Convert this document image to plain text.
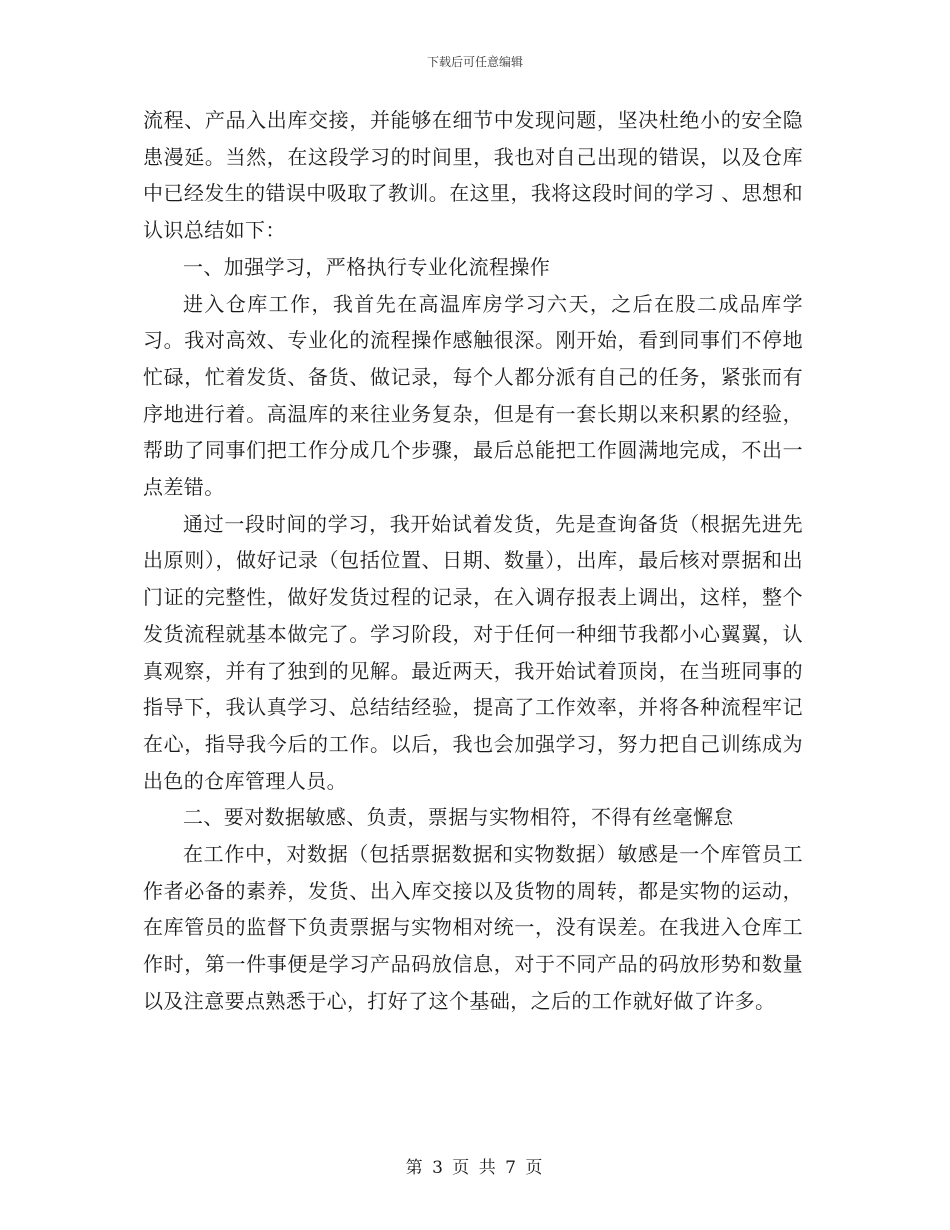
下载后可任意编辑

流程、产品入出库交接，并能够在细节中发现问题，坚决杜绝小的安全隐患漫延。当然，在这段学习的时间里，我也对自己出现的错误，以及仓库中已经发生的错误中吸取了教训。在这里，我将这段时间的学习 、思想和认识总结如下：

一、加强学习，严格执行专业化流程操作

进入仓库工作，我首先在高温库房学习六天，之后在股二成品库学习。我对高效、专业化的流程操作感触很深。刚开始，看到同事们不停地忙碌，忙着发货、备货、做记录，每个人都分派有自己的任务，紧张而有序地进行着。高温库的来往业务复杂，但是有一套长期以来积累的经验，帮助了同事们把工作分成几个步骤，最后总能把工作圆满地完成，不出一点差错。

通过一段时间的学习，我开始试着发货，先是查询备货（根据先进先出原则），做好记录（包括位置、日期、数量），出库，最后核对票据和出门证的完整性，做好发货过程的记录，在入调存报表上调出，这样，整个发货流程就基本做完了。学习阶段，对于任何一种细节我都小心翼翼，认真观察，并有了独到的见解。最近两天，我开始试着顶岗，在当班同事的指导下，我认真学习、总结结经验，提高了工作效率，并将各种流程牢记在心，指导我今后的工作。以后，我也会加强学习，努力把自己训练成为出色的仓库管理人员。

二、要对数据敏感、负责，票据与实物相符，不得有丝毫懈怠

在工作中，对数据（包括票据数据和实物数据）敏感是一个库管员工作者必备的素养，发货、出入库交接以及货物的周转，都是实物的运动，在库管员的监督下负责票据与实物相对统一，没有误差。在我进入仓库工作时，第一件事便是学习产品码放信息，对于不同产品的码放形势和数量以及注意要点熟悉于心，打好了这个基础，之后的工作就好做了许多。

第 3 页 共 7 页
